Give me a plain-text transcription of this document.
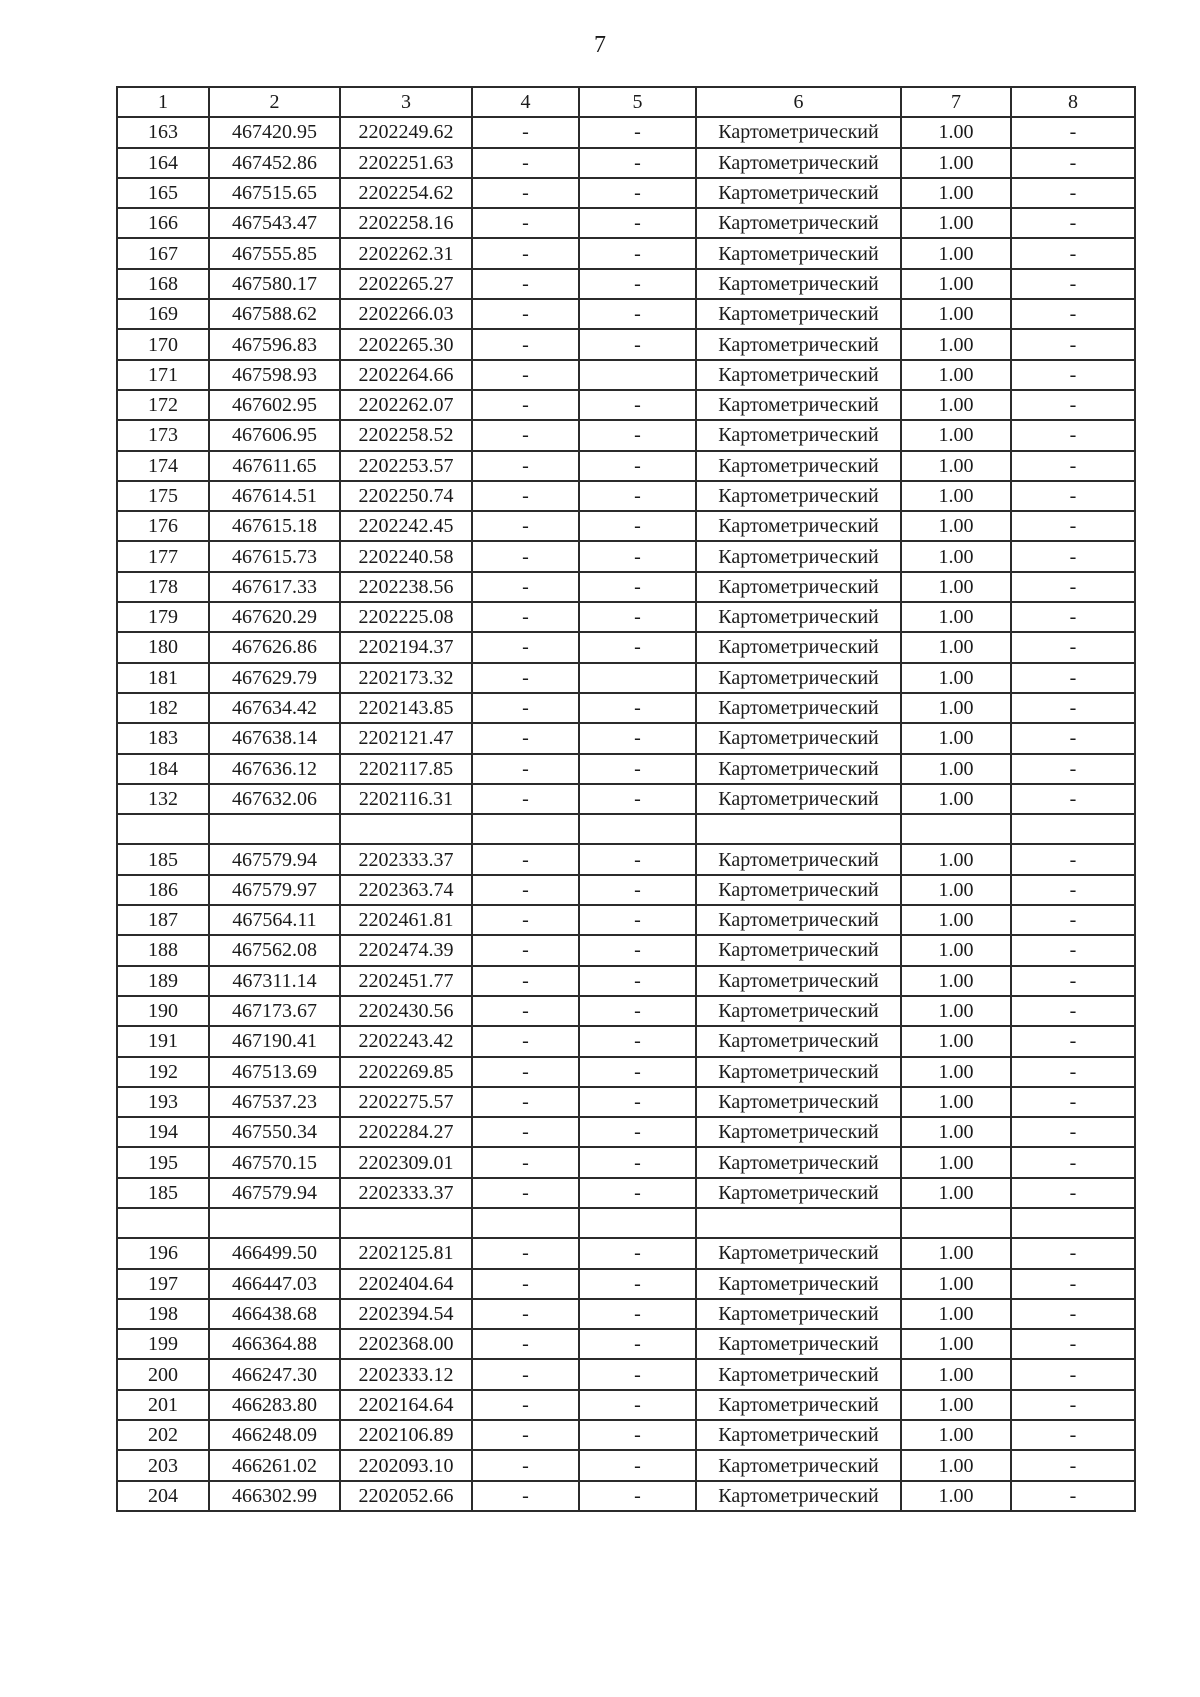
7
1	2	3	4	5	6	7	8
163	467420.95	2202249.62	-	-	Картометрический	1.00	-
164	467452.86	2202251.63	-	-	Картометрический	1.00	-
165	467515.65	2202254.62	-	-	Картометрический	1.00	-
166	467543.47	2202258.16	-	-	Картометрический	1.00	-
167	467555.85	2202262.31	-	-	Картометрический	1.00	-
168	467580.17	2202265.27	-	-	Картометрический	1.00	-
169	467588.62	2202266.03	-	-	Картометрический	1.00	-
170	467596.83	2202265.30	-	-	Картометрический	1.00	-
171	467598.93	2202264.66	-		Картометрический	1.00	-
172	467602.95	2202262.07	-	-	Картометрический	1.00	-
173	467606.95	2202258.52	-	-	Картометрический	1.00	-
174	467611.65	2202253.57	-	-	Картометрический	1.00	-
175	467614.51	2202250.74	-	-	Картометрический	1.00	-
176	467615.18	2202242.45	-	-	Картометрический	1.00	-
177	467615.73	2202240.58	-	-	Картометрический	1.00	-
178	467617.33	2202238.56	-	-	Картометрический	1.00	-
179	467620.29	2202225.08	-	-	Картометрический	1.00	-
180	467626.86	2202194.37	-	-	Картометрический	1.00	-
181	467629.79	2202173.32	-		Картометрический	1.00	-
182	467634.42	2202143.85	-	-	Картометрический	1.00	-
183	467638.14	2202121.47	-	-	Картометрический	1.00	-
184	467636.12	2202117.85	-	-	Картометрический	1.00	-
132	467632.06	2202116.31	-	-	Картометрический	1.00	-

185	467579.94	2202333.37	-	-	Картометрический	1.00	-
186	467579.97	2202363.74	-	-	Картометрический	1.00	-
187	467564.11	2202461.81	-	-	Картометрический	1.00	-
188	467562.08	2202474.39	-	-	Картометрический	1.00	-
189	467311.14	2202451.77	-	-	Картометрический	1.00	-
190	467173.67	2202430.56	-	-	Картометрический	1.00	-
191	467190.41	2202243.42	-	-	Картометрический	1.00	-
192	467513.69	2202269.85	-	-	Картометрический	1.00	-
193	467537.23	2202275.57	-	-	Картометрический	1.00	-
194	467550.34	2202284.27	-	-	Картометрический	1.00	-
195	467570.15	2202309.01	-	-	Картометрический	1.00	-
185	467579.94	2202333.37	-	-	Картометрический	1.00	-

196	466499.50	2202125.81	-	-	Картометрический	1.00	-
197	466447.03	2202404.64	-	-	Картометрический	1.00	-
198	466438.68	2202394.54	-	-	Картометрический	1.00	-
199	466364.88	2202368.00	-	-	Картометрический	1.00	-
200	466247.30	2202333.12	-	-	Картометрический	1.00	-
201	466283.80	2202164.64	-	-	Картометрический	1.00	-
202	466248.09	2202106.89	-	-	Картометрический	1.00	-
203	466261.02	2202093.10	-	-	Картометрический	1.00	-
204	466302.99	2202052.66	-	-	Картометрический	1.00	-
